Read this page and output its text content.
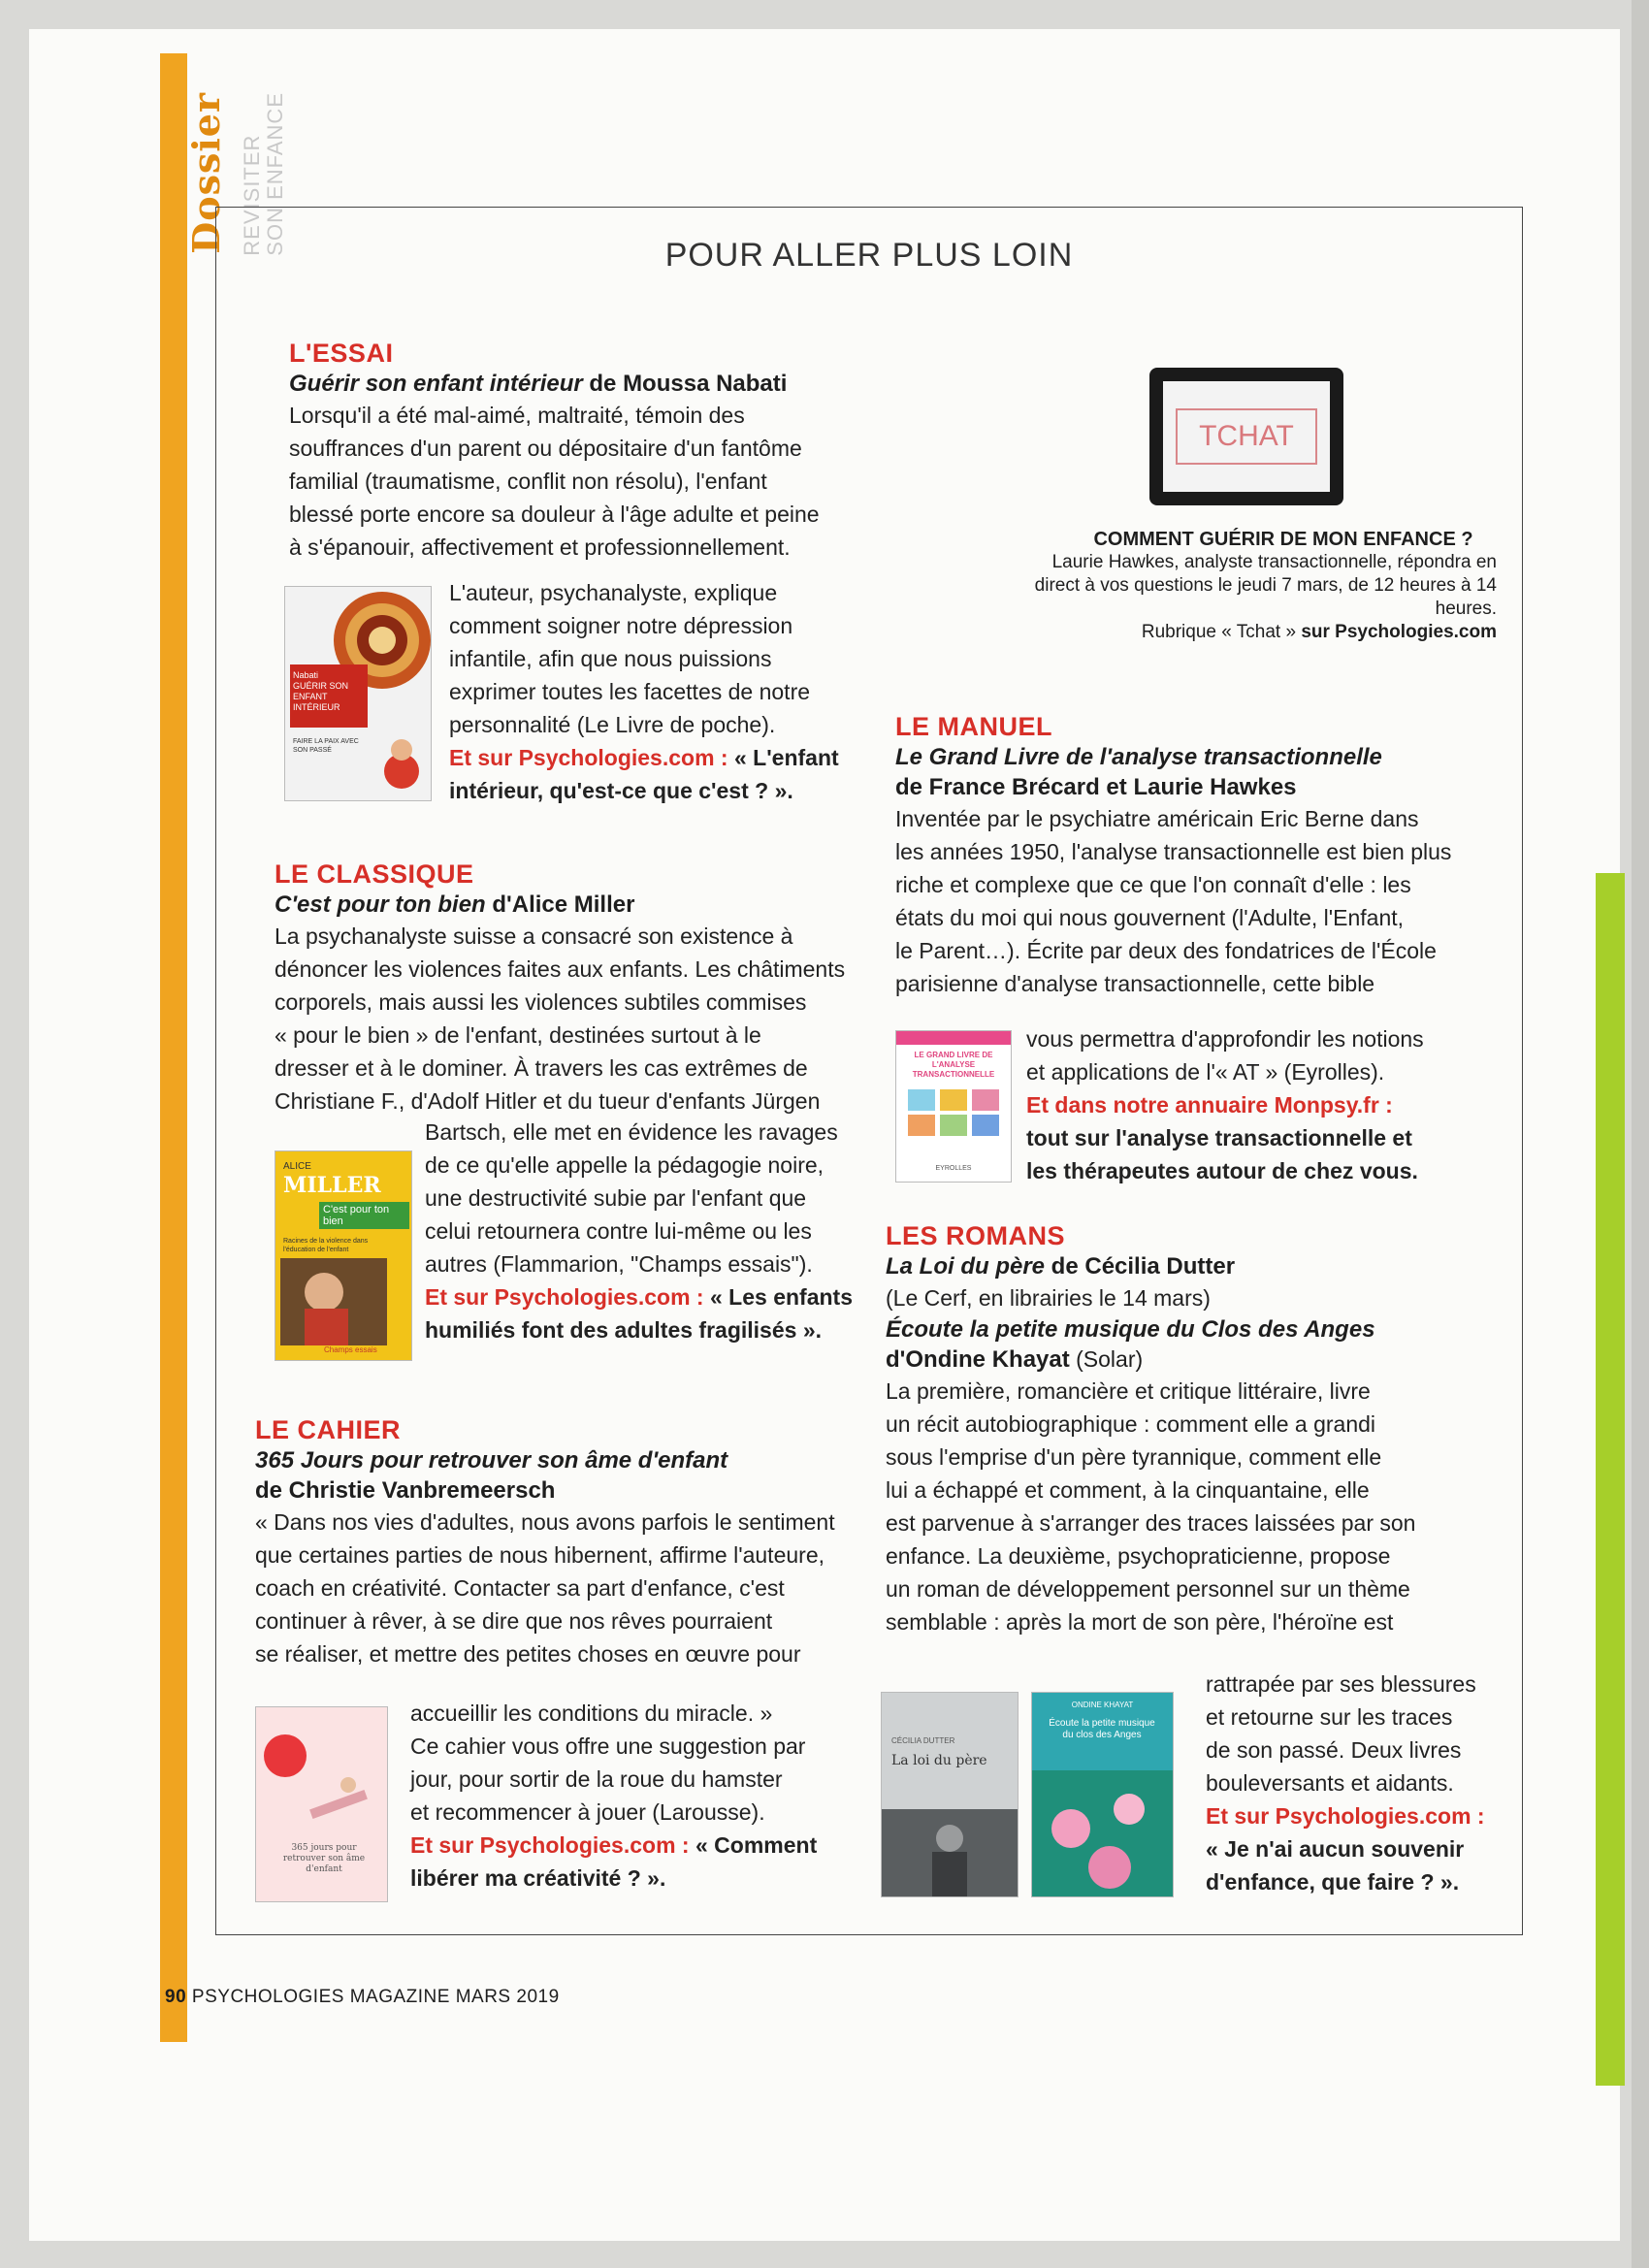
Dossier REVISITER SON ENFANCE	POUR ALLER PLUS LOIN
L'ESSAI
Guérir son enfant intérieur de Moussa Nabati
Lorsqu'il a été mal-aimé, maltraité, témoin des
souffrances d'un parent ou dépositaire d'un fantôme
familial (traumatisme, conflit non résolu), l'enfant
blessé porte encore sa douleur à l'âge adulte et peine
à s'épanouir, affectivement et professionnellement.
L'auteur, psychanalyste, explique
comment soigner notre dépression
infantile, afin que nous puissions
exprimer toutes les facettes de notre
personnalité (Le Livre de poche).
Et sur Psychologies.com : « L'enfant
intérieur, qu'est-ce que c'est ? ».
Nabati
GUÉRIR SON ENFANT INTÉRIEUR
FAIRE LA PAIX AVEC SON PASSÉ
LE CLASSIQUE
C'est pour ton bien d'Alice Miller
La psychanalyste suisse a consacré son existence à
dénoncer les violences faites aux enfants. Les châtiments
corporels, mais aussi les violences subtiles commises
« pour le bien » de l'enfant, destinées surtout à le
dresser et à le dominer. À travers les cas extrêmes de
Christiane F., d'Adolf Hitler et du tueur d'enfants Jürgen
Bartsch, elle met en évidence les ravages
de ce qu'elle appelle la pédagogie noire,
une destructivité subie par l'enfant que
celui retournera contre lui-même ou les
autres (Flammarion, "Champs essais").
Et sur Psychologies.com : « Les enfants
humiliés font des adultes fragilisés ».
ALICE
MILLER
C'est pour ton bien
Racines de la violence dans l'éducation de l'enfant
Champs essais
LE CAHIER
365 Jours pour retrouver son âme d'enfant
de Christie Vanbremeersch
« Dans nos vies d'adultes, nous avons parfois le sentiment
que certaines parties de nous hibernent, affirme l'auteure,
coach en créativité. Contacter sa part d'enfance, c'est
continuer à rêver, à se dire que nos rêves pourraient
se réaliser, et mettre des petites choses en œuvre pour
accueillir les conditions du miracle. »
Ce cahier vous offre une suggestion par
jour, pour sortir de la roue du hamster
et recommencer à jouer (Larousse).
Et sur Psychologies.com : « Comment
libérer ma créativité ? ».
365 jours pour retrouver son âme d'enfant
TCHAT
COMMENT GUÉRIR DE MON ENFANCE ?
Laurie Hawkes, analyste transactionnelle, répondra en
direct à vos questions le jeudi 7 mars, de 12 heures à 14 heures.
Rubrique « Tchat » sur Psychologies.com
LE MANUEL
Le Grand Livre de l'analyse transactionnelle
de France Brécard et Laurie Hawkes
Inventée par le psychiatre américain Eric Berne dans
les années 1950, l'analyse transactionnelle est bien plus
riche et complexe que ce que l'on connaît d'elle : les
états du moi qui nous gouvernent (l'Adulte, l'Enfant,
le Parent…). Écrite par deux des fondatrices de l'École
parisienne d'analyse transactionnelle, cette bible
vous permettra d'approfondir les notions
et applications de l'« AT » (Eyrolles).
Et dans notre annuaire Monpsy.fr :
tout sur l'analyse transactionnelle et
les thérapeutes autour de chez vous.
LE GRAND LIVRE DE L'ANALYSE TRANSACTIONNELLE
EYROLLES
LES ROMANS
La Loi du père de Cécilia Dutter
(Le Cerf, en librairies le 14 mars)
Écoute la petite musique du Clos des Anges
d'Ondine Khayat (Solar)
La première, romancière et critique littéraire, livre
un récit autobiographique : comment elle a grandi
sous l'emprise d'un père tyrannique, comment elle
lui a échappé et comment, à la cinquantaine, elle
est parvenue à s'arranger des traces laissées par son
enfance. La deuxième, psychopraticienne, propose
un roman de développement personnel sur un thème
semblable : après la mort de son père, l'héroïne est
rattrapée par ses blessures
et retourne sur les traces
de son passé. Deux livres
bouleversants et aidants.
Et sur Psychologies.com :
« Je n'ai aucun souvenir
d'enfance, que faire ? ».
CÉCILIA DUTTER
La loi du père
ONDINE KHAYAT
Écoute la petite musique du clos des Anges
90 PSYCHOLOGIES MAGAZINE MARS 2019
